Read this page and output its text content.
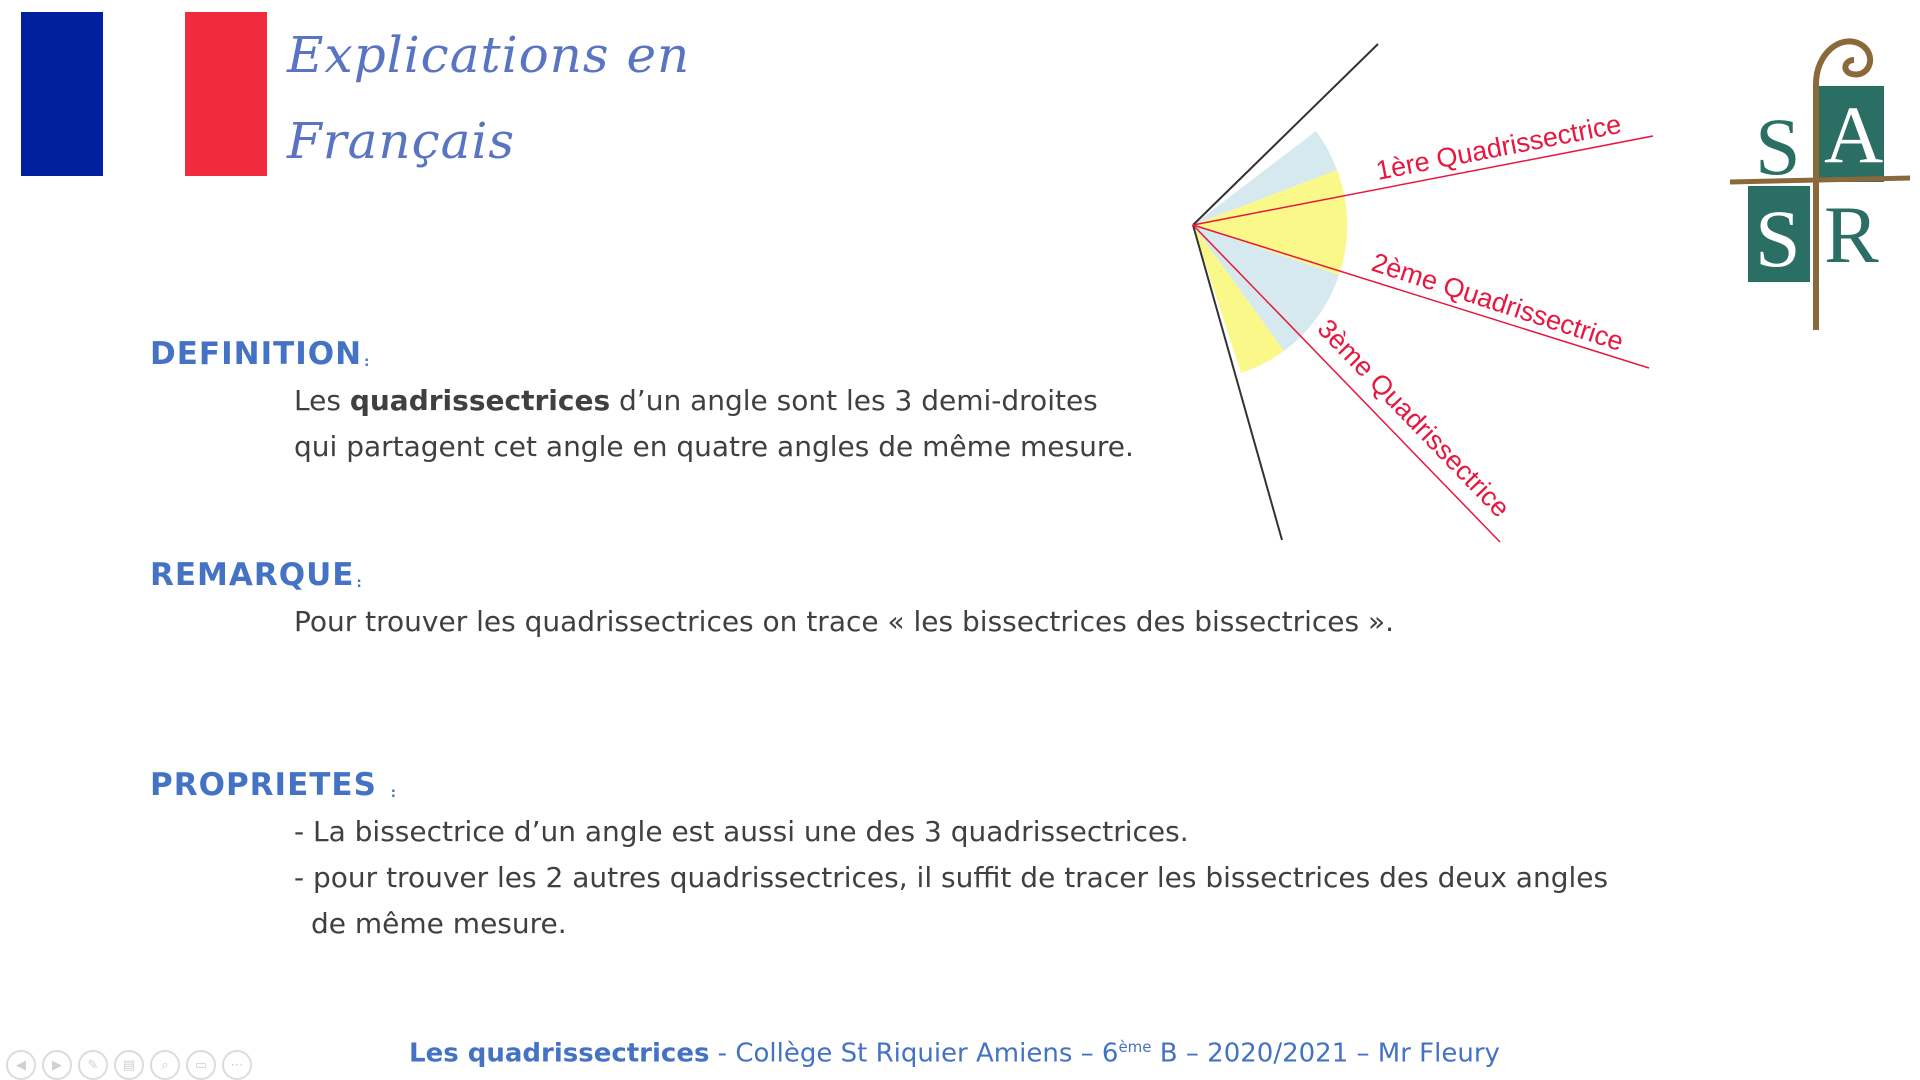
Explications en
Français
DEFINITION :
Les quadrissectrices d’un angle sont les 3 demi-droites
qui partagent cet angle en quatre angles de même mesure.
REMARQUE :
Pour trouver les quadrissectrices on trace « les bissectrices des bissectrices ».
PROPRIETES :
- La bissectrice d’un angle est aussi une des 3 quadrissectrices.
- pour trouver les 2 autres quadrissectrices, il suffit de tracer les bissectrices des deux angles
de même mesure.
1ère Quadrissectrice
2ème Quadrissectrice
3ème Quadrissectrice
S A
S R
Les quadrissectrices - Collège St Riquier Amiens – 6ème B – 2020/2021 – Mr Fleury
◀	▶	✎	▤	⌕	▭	⋯
